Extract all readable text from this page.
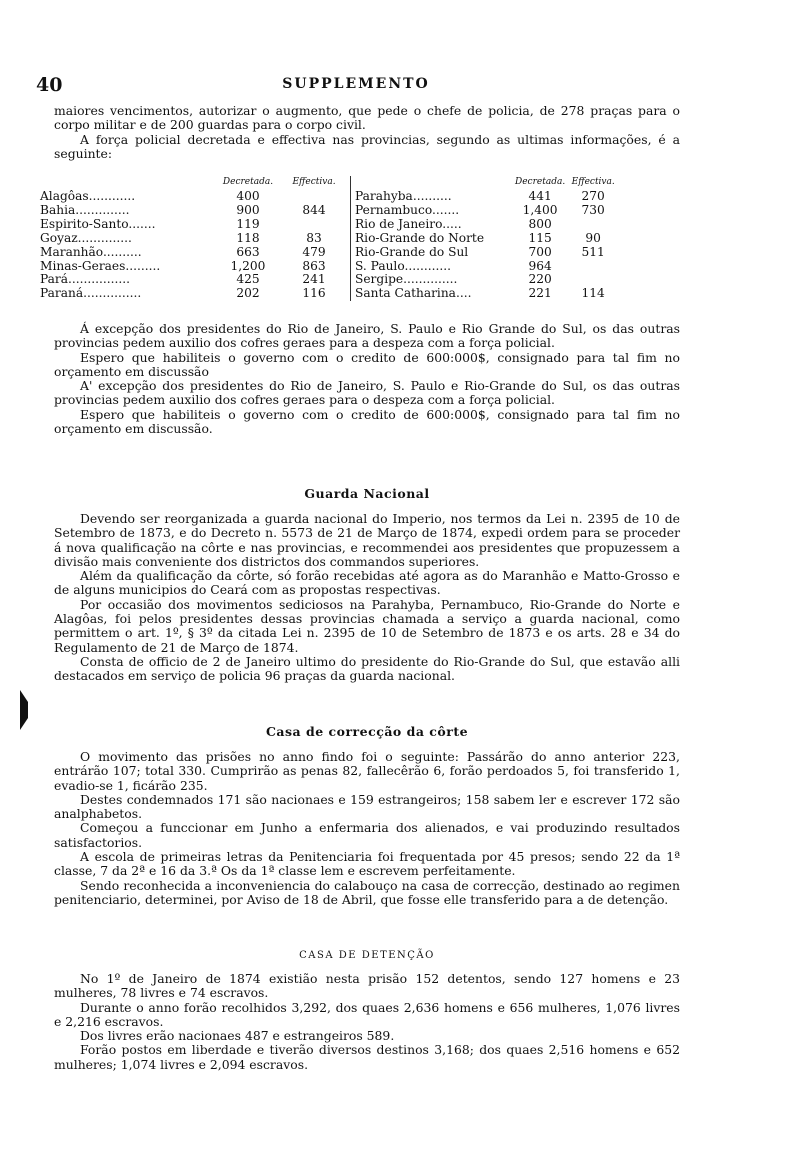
40	SUPPLEMENTO

maiores vencimentos, autorizar o augmento, que pede o chefe de policia, de 278 praças para o corpo militar e de 200 guardas para o corpo civil.

A força policial decretada e effectiva nas provincias, segundo as ultimas informações, é a seguinte:

	Decretada.	Effectiva.		Decretada.	Effectiva.
Alagôas............	400		Parahyba..........	441	270
Bahia..............	900	844	Pernambuco.......	1,400	730
Espirito-Santo.......	119		Rio de Janeiro.....	800	
Goyaz..............	118	83	Rio-Grande do Norte	115	90
Maranhão..........	663	479	Rio-Grande do Sul	700	511
Minas-Geraes.........	1,200	863	S. Paulo............	964	
Pará................	425	241	Sergipe..............	220	
Paraná...............	202	116	Santa Catharina....	221	114

Á excepção dos presidentes do Rio de Janeiro, S. Paulo e Rio Grande do Sul, os das outras provincias pedem auxilio dos cofres geraes para a despeza com a força policial.

Espero que habiliteis o governo com o credito de 600:000$, consignado para tal fim no orçamento em discussão

A' excepção dos presidentes do Rio de Janeiro, S. Paulo e Rio-Grande do Sul, os das outras provincias pedem auxilio dos cofres geraes para o despeza com a força policial.

Espero que habiliteis o governo com o credito de 600:000$, consignado para tal fim no orçamento em discussão.

Guarda Nacional

Devendo ser reorganizada a guarda nacional do Imperio, nos termos da Lei n. 2395 de 10 de Setembro de 1873, e do Decreto n. 5573 de 21 de Março de 1874, expedi ordem para se proceder á nova qualificação na côrte e nas provincias, e recommendei aos presidentes que propuzessem a divisão mais conveniente dos districtos dos commandos superiores.

Além da qualificação da côrte, só forão recebidas até agora as do Maranhão e Matto-Grosso e de alguns municipios do Ceará com as propostas respectivas.

Por occasião dos movimentos sediciosos na Parahyba, Pernambuco, Rio-Grande do Norte e Alagôas, foi pelos presidentes dessas provincias chamada a serviço a guarda nacional, como permittem o art. 1º, § 3º da citada Lei n. 2395 de 10 de Setembro de 1873 e os arts. 28 e 34 do Regulamento de 21 de Março de 1874.

Consta de officio de 2 de Janeiro ultimo do presidente do Rio-Grande do Sul, que estavão alli destacados em serviço de policia 96 praças da guarda nacional.

Casa de correcção da côrte

O movimento das prisões no anno findo foi o seguinte: Passárão do anno anterior 223, entrárão 107; total 330. Cumprirão as penas 82, fallecêrão 6, forão perdoados 5, foi transferido 1, evadio-se 1, ficárão 235.

Destes condemnados 171 são nacionaes e 159 estrangeiros; 158 sabem ler e escrever 172 são analphabetos.

Começou a funccionar em Junho a enfermaria dos alienados, e vai produzindo resultados satisfactorios.

A escola de primeiras letras da Penitenciaria foi frequentada por 45 presos; sendo 22 da 1ª classe, 7 da 2ª e 16 da 3.ª Os da 1ª classe lem e escrevem perfeitamente.

Sendo reconhecida a inconveniencia do calabouço na casa de correcção, destinado ao regimen penitenciario, determinei, por Aviso de 18 de Abril, que fosse elle transferido para a de detenção.

CASA DE DETENÇÃO

No 1º de Janeiro de 1874 existião nesta prisão 152 detentos, sendo 127 homens e 23 mulheres, 78 livres e 74 escravos.

Durante o anno forão recolhidos 3,292, dos quaes 2,636 homens e 656 mulheres, 1,076 livres e 2,216 escravos.

Dos livres erão nacionaes 487 e estrangeiros 589.

Forão postos em liberdade e tiverão diversos destinos 3,168; dos quaes 2,516 homens e 652 mulheres; 1,074 livres e 2,094 escravos.
